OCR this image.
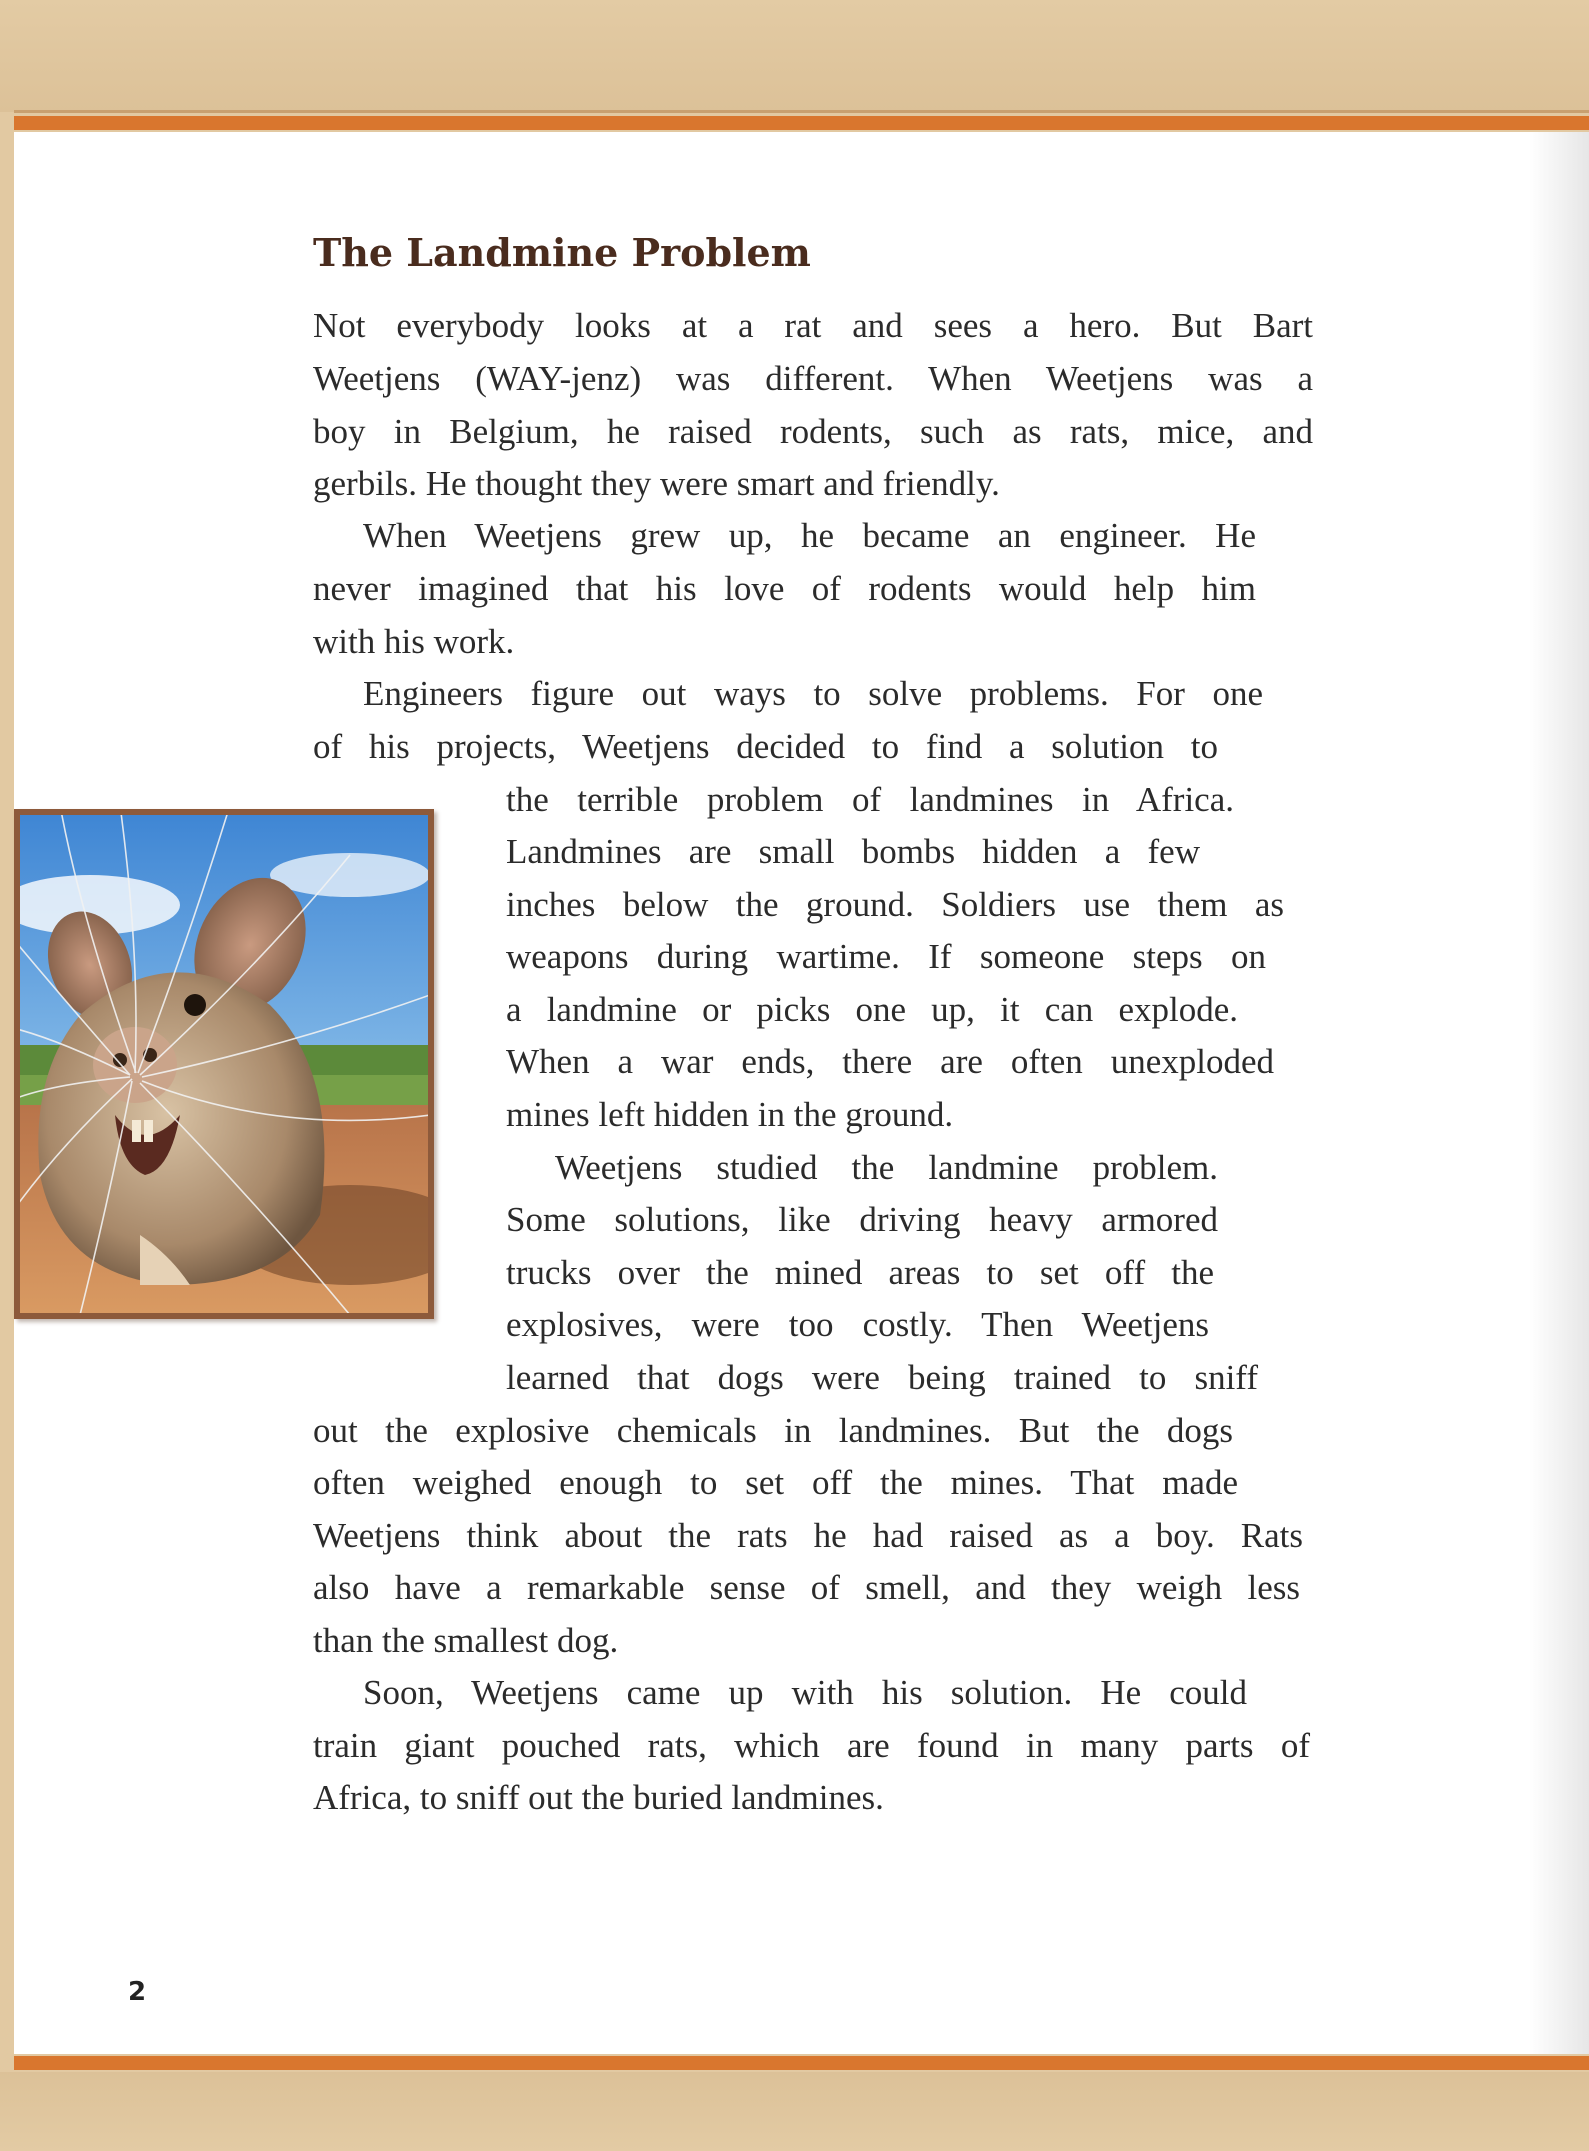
The Landmine Problem

Not everybody looks at a rat and sees a hero. But Bart

Weetjens (WAY-jenz) was different. When Weetjens was a

boy in Belgium, he raised rodents, such as rats, mice, and

gerbils. He thought they were smart and friendly.

When Weetjens grew up, he became an engineer. He

never imagined that his love of rodents would help him

with his work.

Engineers figure out ways to solve problems. For one

of his projects, Weetjens decided to find a solution to

the terrible problem of landmines in Africa.

Landmines are small bombs hidden a few

inches below the ground. Soldiers use them as

weapons during wartime. If someone steps on

a landmine or picks one up, it can explode.

When a war ends, there are often unexploded

mines left hidden in the ground.

Weetjens studied the landmine problem.

Some solutions, like driving heavy armored

trucks over the mined areas to set off the

explosives, were too costly. Then Weetjens

learned that dogs were being trained to sniff

out the explosive chemicals in landmines. But the dogs

often weighed enough to set off the mines. That made

Weetjens think about the rats he had raised as a boy. Rats

also have a remarkable sense of smell, and they weigh less

than the smallest dog.

Soon, Weetjens came up with his solution. He could

train giant pouched rats, which are found in many parts of

Africa, to sniff out the buried landmines.

2
